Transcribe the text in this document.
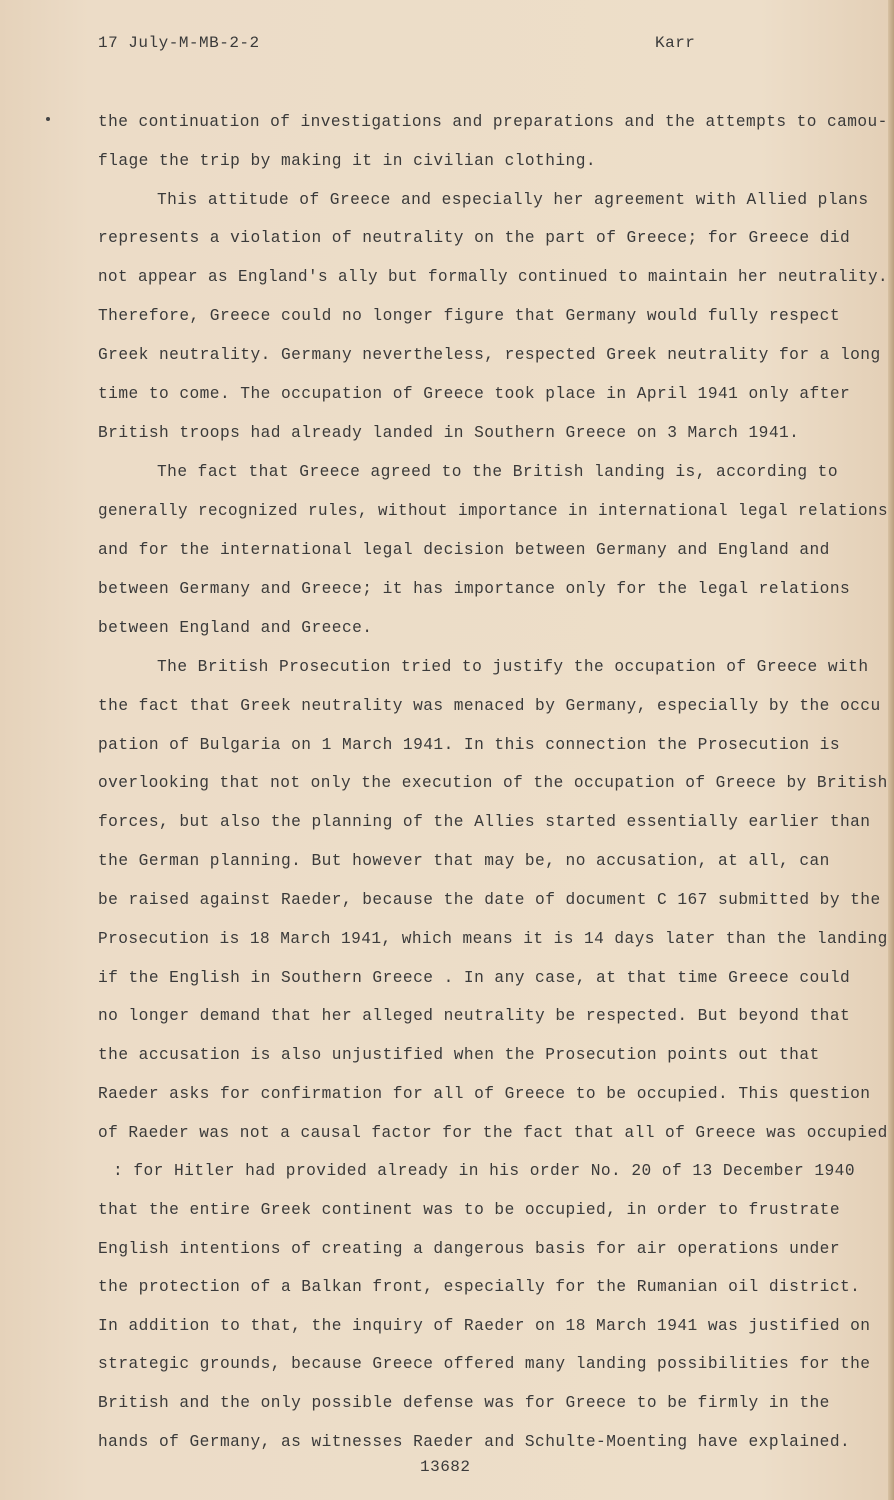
17 July-M-MB-2-2	Karr
the continuation of investigations and preparations and the attempts to camou-
flage the trip by making it in civilian clothing.
This attitude of Greece and especially her agreement with Allied plans
represents a violation of neutrality on the part of Greece; for Greece did
not appear as England's ally but formally continued to maintain her neutrality.
Therefore, Greece could no longer figure that Germany would fully respect
Greek neutrality. Germany nevertheless, respected Greek neutrality for a long
time to come. The occupation of Greece took place in April 1941 only after
British troops had already landed in Southern Greece on 3 March 1941.
The fact that Greece agreed to the British landing is, according to
generally recognized rules, without importance in international legal relations
and for the international legal decision between Germany and England and
between Germany and Greece; it has importance only for the legal relations
between England and Greece.
The British Prosecution tried to justify the occupation of Greece with
the fact that Greek neutrality was menaced by Germany, especially by the occu
pation of Bulgaria on 1 March 1941. In this connection the Prosecution is
overlooking that not only the execution of the occupation of Greece by British
forces, but also the planning of the Allies started essentially earlier than
the German planning. But however that may be, no accusation, at all, can
be raised against Raeder, because the date of document C 167 submitted by the
Prosecution is 18 March 1941, which means it is 14 days later than the landing
if the English in Southern Greece . In any case, at that time Greece could
no longer demand that her alleged neutrality be respected. But beyond that
the accusation is also unjustified when the Prosecution points out that
Raeder asks for confirmation for all of Greece to be occupied. This question
of Raeder was not a causal factor for the fact that all of Greece was occupied
: for Hitler had provided already in his order No. 20 of 13 December 1940
that the entire Greek continent was to be occupied, in order to frustrate
English intentions of creating a dangerous basis for air operations under
the protection of a Balkan front, especially for the Rumanian oil district.
In addition to that, the inquiry of Raeder on 18 March 1941 was justified on
strategic grounds, because Greece offered many landing possibilities for the
British and the only possible defense was for Greece to be firmly in the
hands of Germany, as witnesses Raeder and Schulte-Moenting have explained.
13682
